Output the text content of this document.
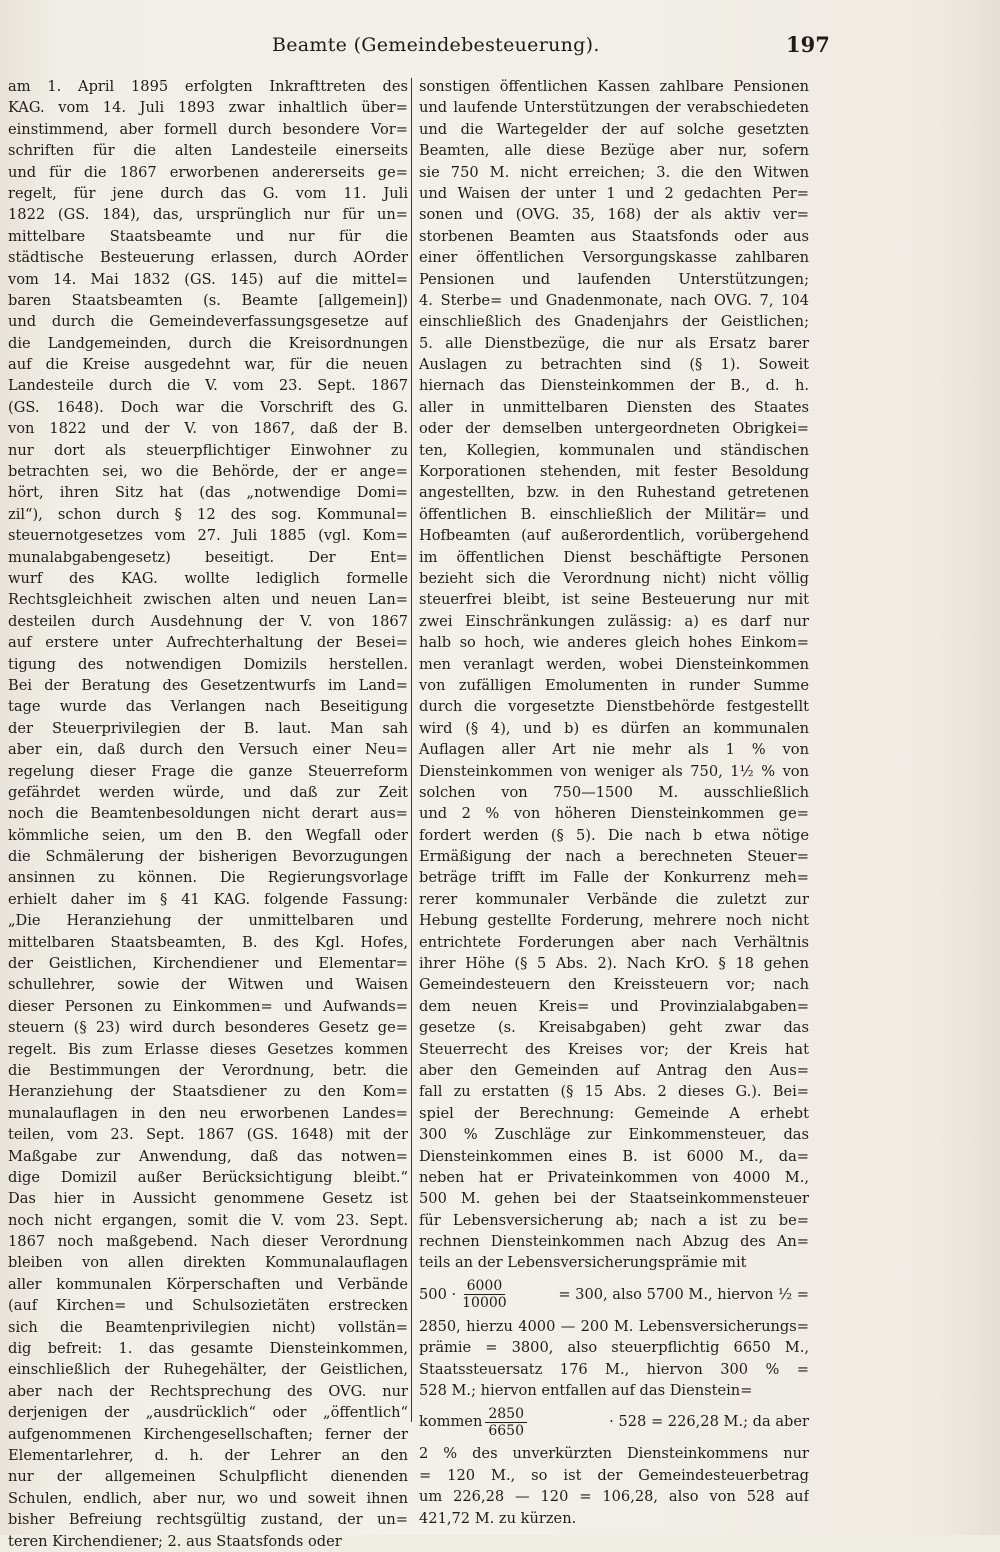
Beamte (Gemeindebesteuerung).	197
am 1. April 1895 erfolgten Inkrafttreten des
KAG. vom 14. Juli 1893 zwar inhaltlich über=
einstimmend, aber formell durch besondere Vor=
schriften für die alten Landesteile einerseits
und für die 1867 erworbenen andererseits ge=
regelt, für jene durch das G. vom 11. Juli
1822 (GS. 184), das, ursprünglich nur für un=
mittelbare Staatsbeamte und nur für die
städtische Besteuerung erlassen, durch AOrder
vom 14. Mai 1832 (GS. 145) auf die mittel=
baren Staatsbeamten (s. Beamte [allgemein])
und durch die Gemeindeverfassungsgesetze auf
die Landgemeinden, durch die Kreisordnungen
auf die Kreise ausgedehnt war, für die neuen
Landesteile durch die V. vom 23. Sept. 1867
(GS. 1648). Doch war die Vorschrift des G.
von 1822 und der V. von 1867, daß der B.
nur dort als steuerpflichtiger Einwohner zu
betrachten sei, wo die Behörde, der er ange=
hört, ihren Sitz hat (das „notwendige Domi=
zil“), schon durch § 12 des sog. Kommunal=
steuernotgesetzes vom 27. Juli 1885 (vgl. Kom=
munalabgabengesetz) beseitigt. Der Ent=
wurf des KAG. wollte lediglich formelle
Rechtsgleichheit zwischen alten und neuen Lan=
desteilen durch Ausdehnung der V. von 1867
auf erstere unter Aufrechterhaltung der Besei=
tigung des notwendigen Domizils herstellen.
Bei der Beratung des Gesetzentwurfs im Land=
tage wurde das Verlangen nach Beseitigung
der Steuerprivilegien der B. laut. Man sah
aber ein, daß durch den Versuch einer Neu=
regelung dieser Frage die ganze Steuerreform
gefährdet werden würde, und daß zur Zeit
noch die Beamtenbesoldungen nicht derart aus=
kömmliche seien, um den B. den Wegfall oder
die Schmälerung der bisherigen Bevorzugungen
ansinnen zu können. Die Regierungsvorlage
erhielt daher im § 41 KAG. folgende Fassung:
„Die Heranziehung der unmittelbaren und
mittelbaren Staatsbeamten, B. des Kgl. Hofes,
der Geistlichen, Kirchendiener und Elementar=
schullehrer, sowie der Witwen und Waisen
dieser Personen zu Einkommen= und Aufwands=
steuern (§ 23) wird durch besonderes Gesetz ge=
regelt. Bis zum Erlasse dieses Gesetzes kommen
die Bestimmungen der Verordnung, betr. die
Heranziehung der Staatsdiener zu den Kom=
munalauflagen in den neu erworbenen Landes=
teilen, vom 23. Sept. 1867 (GS. 1648) mit der
Maßgabe zur Anwendung, daß das notwen=
dige Domizil außer Berücksichtigung bleibt.“
Das hier in Aussicht genommene Gesetz ist
noch nicht ergangen, somit die V. vom 23. Sept.
1867 noch maßgebend. Nach dieser Verordnung
bleiben von allen direkten Kommunalauflagen
aller kommunalen Körperschaften und Verbände
(auf Kirchen= und Schulsozietäten erstrecken
sich die Beamtenprivilegien nicht) vollstän=
dig befreit: 1. das gesamte Diensteinkommen,
einschließlich der Ruhegehälter, der Geistlichen,
aber nach der Rechtsprechung des OVG. nur
derjenigen der „ausdrücklich“ oder „öffentlich“
aufgenommenen Kirchengesellschaften; ferner der
Elementarlehrer, d. h. der Lehrer an den
nur der allgemeinen Schulpflicht dienenden
Schulen, endlich, aber nur, wo und soweit ihnen
bisher Befreiung rechtsgültig zustand, der un=
teren Kirchendiener; 2. aus Staatsfonds oder
sonstigen öffentlichen Kassen zahlbare Pensionen
und laufende Unterstützungen der verabschiedeten
und die Wartegelder der auf solche gesetzten
Beamten, alle diese Bezüge aber nur, sofern
sie 750 M. nicht erreichen; 3. die den Witwen
und Waisen der unter 1 und 2 gedachten Per=
sonen und (OVG. 35, 168) der als aktiv ver=
storbenen Beamten aus Staatsfonds oder aus
einer öffentlichen Versorgungskasse zahlbaren
Pensionen und laufenden Unterstützungen;
4. Sterbe= und Gnadenmonate, nach OVG. 7, 104
einschließlich des Gnadenjahrs der Geistlichen;
5. alle Dienstbezüge, die nur als Ersatz barer
Auslagen zu betrachten sind (§ 1). Soweit
hiernach das Diensteinkommen der B., d. h.
aller in unmittelbaren Diensten des Staates
oder der demselben untergeordneten Obrigkei=
ten, Kollegien, kommunalen und ständischen
Korporationen stehenden, mit fester Besoldung
angestellten, bzw. in den Ruhestand getretenen
öffentlichen B. einschließlich der Militär= und
Hofbeamten (auf außerordentlich, vorübergehend
im öffentlichen Dienst beschäftigte Personen
bezieht sich die Verordnung nicht) nicht völlig
steuerfrei bleibt, ist seine Besteuerung nur mit
zwei Einschränkungen zulässig: a) es darf nur
halb so hoch, wie anderes gleich hohes Einkom=
men veranlagt werden, wobei Diensteinkommen
von zufälligen Emolumenten in runder Summe
durch die vorgesetzte Dienstbehörde festgestellt
wird (§ 4), und b) es dürfen an kommunalen
Auflagen aller Art nie mehr als 1 % von
Diensteinkommen von weniger als 750, 1½ % von
solchen von 750—1500 M. ausschließlich
und 2 % von höheren Diensteinkommen ge=
fordert werden (§ 5). Die nach b etwa nötige
Ermäßigung der nach a berechneten Steuer=
beträge trifft im Falle der Konkurrenz meh=
rerer kommunaler Verbände die zuletzt zur
Hebung gestellte Forderung, mehrere noch nicht
entrichtete Forderungen aber nach Verhältnis
ihrer Höhe (§ 5 Abs. 2). Nach KrO. § 18 gehen
Gemeindesteuern den Kreissteuern vor; nach
dem neuen Kreis= und Provinzialabgaben=
gesetze (s. Kreisabgaben) geht zwar das
Steuerrecht des Kreises vor; der Kreis hat
aber den Gemeinden auf Antrag den Aus=
fall zu erstatten (§ 15 Abs. 2 dieses G.). Bei=
spiel der Berechnung: Gemeinde A erhebt
300 % Zuschläge zur Einkommensteuer, das
Diensteinkommen eines B. ist 6000 M., da=
neben hat er Privateinkommen von 4000 M.,
500 M. gehen bei der Staatseinkommensteuer
für Lebensversicherung ab; nach a ist zu be=
rechnen Diensteinkommen nach Abzug des An=
teils an der Lebensversicherungsprämie mit
$500 \cdot \frac{6000}{10000}$	= 300, also 5700 M., hiervon ½ =
2850, hierzu 4000 — 200 M. Lebensversicherungs=
prämie = 3800, also steuerpflichtig 6650 M.,
Staatssteuersatz 176 M., hiervon 300 % =
528 M.; hiervon entfallen auf das Dienstein=
kommen $\frac{2850}{6650}$	· 528 = 226,28 M.; da aber
2 % des unverkürzten Diensteinkommens nur
= 120 M., so ist der Gemeindesteuerbetrag
um 226,28 — 120 = 106,28, also von 528 auf
421,72 M. zu kürzen.
